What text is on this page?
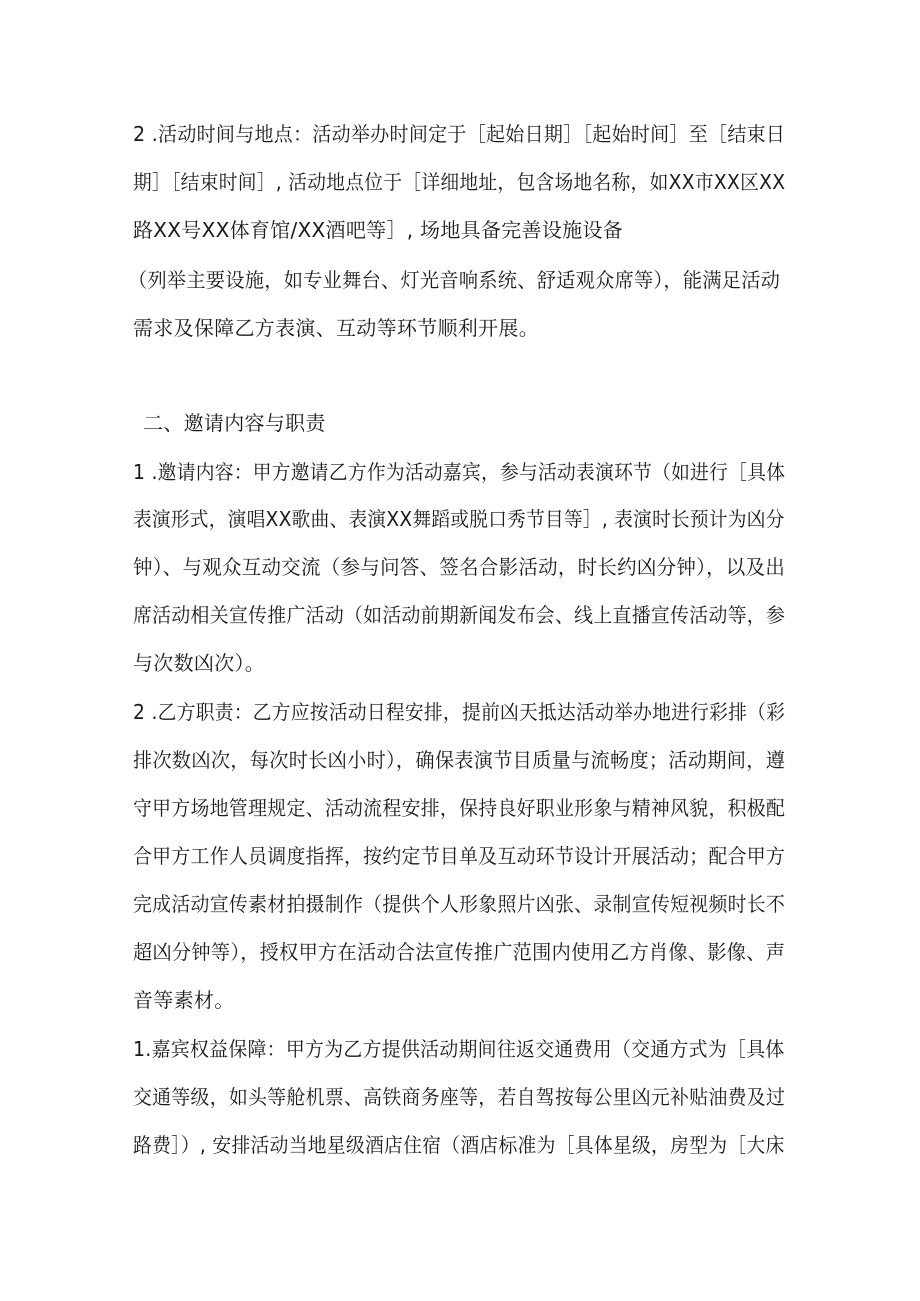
2 .活动时间与地点：活动举办时间定于［起始日期］［起始时间］至［结束日
期］［结束时间］, 活动地点位于［详细地址，包含场地名称，如XX市XX区XX
路XX号XX体育馆/XX酒吧等］, 场地具备完善设施设备
（列举主要设施，如专业舞台、灯光音响系统、舒适观众席等），能满足活动
需求及保障乙方表演、互动等环节顺利开展。
二、邀请内容与职责
1 .邀请内容：甲方邀请乙方作为活动嘉宾，参与活动表演环节（如进行［具体
表演形式，演唱XX歌曲、表演XX舞蹈或脱口秀节目等］, 表演时长预计为凶分
钟）、与观众互动交流（参与问答、签名合影活动，时长约凶分钟），以及出
席活动相关宣传推广活动（如活动前期新闻发布会、线上直播宣传活动等，参
与次数凶次）。
2 .乙方职责：乙方应按活动日程安排，提前凶天抵达活动举办地进行彩排（彩
排次数凶次，每次时长凶小时），确保表演节目质量与流畅度；活动期间，遵
守甲方场地管理规定、活动流程安排，保持良好职业形象与精神风貌，积极配
合甲方工作人员调度指挥，按约定节目单及互动环节设计开展活动；配合甲方
完成活动宣传素材拍摄制作（提供个人形象照片凶张、录制宣传短视频时长不
超凶分钟等），授权甲方在活动合法宣传推广范围内使用乙方肖像、影像、声
音等素材。
1.嘉宾权益保障：甲方为乙方提供活动期间往返交通费用（交通方式为［具体
交通等级，如头等舱机票、高铁商务座等，若自驾按每公里凶元补贴油费及过
路费］）, 安排活动当地星级酒店住宿（酒店标准为［具体星级，房型为［大床
